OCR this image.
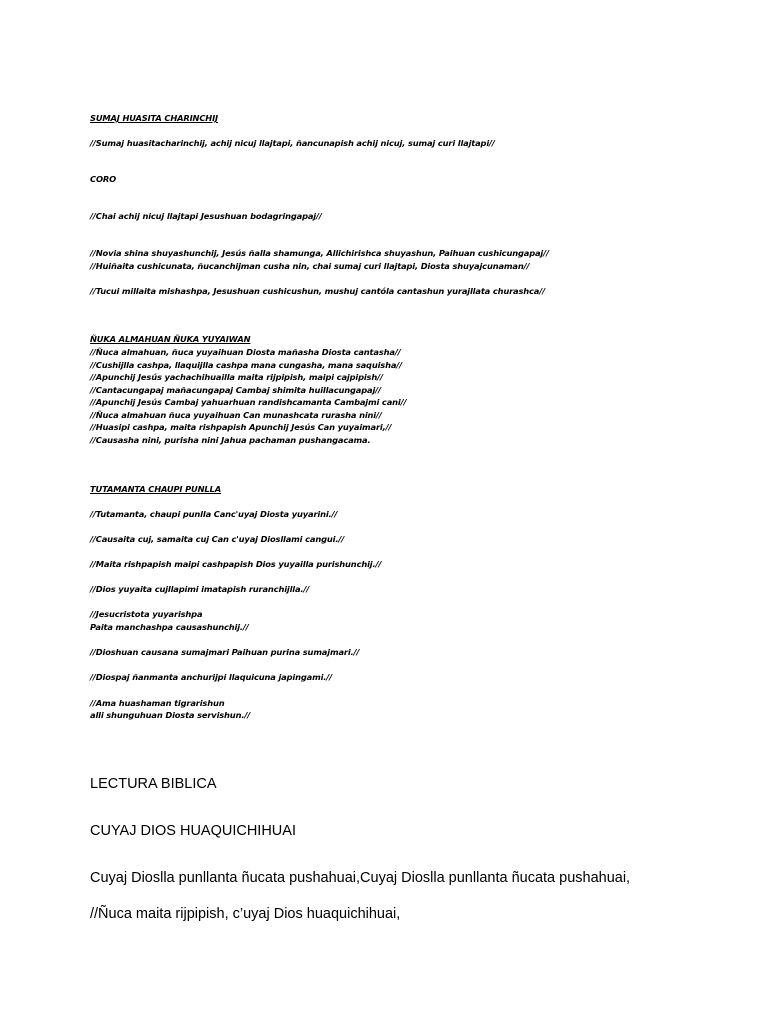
SUMAJ HUASITA CHARINCHIJ
//Sumaj huasitacharinchij, achij nicuj llajtapi, ñancunapish achij nicuj, sumaj curi llajtapi//
CORO
//Chai achij nicuj llajtapi Jesushuan bodagringapaj//
//Novia shina shuyashunchij, Jesús ñalla shamunga, Allichirishca shuyashun, Paihuan cushicungapaj//
//Huiñaita cushicunata, ñucanchijman cusha nin, chai sumaj curi llajtapi, Diosta shuyajcunaman//
//Tucui millaita mishashpa, Jesushuan cushicushun, mushuj cantóla cantashun yurajllata churashca//
ÑUKA ALMAHUAN ÑUKA YUYAIWAN
//Ñuca almahuan, ñuca yuyaihuan Diosta mañasha Diosta cantasha//
//Cushijlla cashpa, llaquijlla cashpa mana cungasha, mana saquisha//
//Apunchij Jesús yachachihuailla maita rijpipish, maipi cajpipish//
//Cantacungapaj mañacungapaj Cambaj shimita huillacungapaj//
//Apunchij Jesús Cambaj yahuarhuan randishcamanta Cambajmi cani//
//Ñuca almahuan ñuca yuyaihuan Can munashcata rurasha nini//
//Huasipi cashpa, maita rishpapish Apunchij Jesús Can yuyaimari,//
//Causasha nini, purisha nini Jahua pachaman pushangacama.
TUTAMANTA CHAUPI PUNLLA
//Tutamanta, chaupi punlla Canc'uyaj Diosta yuyarini.//
//Causaita cuj, samaita cuj Can c'uyaj Diosllami cangui.//
//Maita rishpapish maipi cashpapish Dios yuyailla purishunchij.//
//Dios yuyaita cujllapimi imatapish ruranchijlla.//
//Jesucristota yuyarishpa
Paita manchashpa causashunchij.//
//Dioshuan causana sumajmari Paihuan purina sumajmari.//
//Diospaj ñanmanta anchurijpi llaquicuna japingami.//
//Ama huashaman tigrarishun
alli shunguhuan Diosta servishun.//
LECTURA BIBLICA
CUYAJ DIOS HUAQUICHIHUAI
Cuyaj Dioslla punllanta ñucata pushahuai,Cuyaj Dioslla punllanta ñucata pushahuai,
//Ñuca maita rijpipish, c’uyaj Dios huaquichihuai,
